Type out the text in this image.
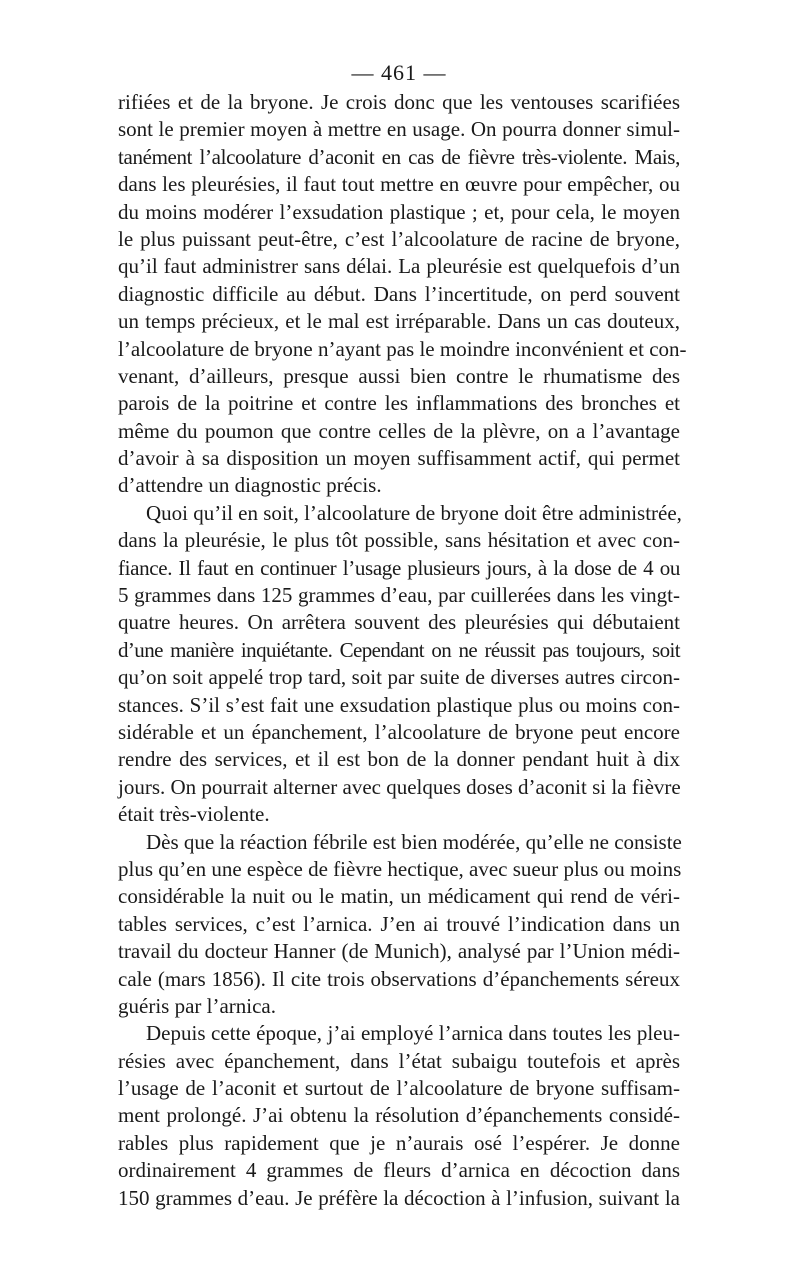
— 461 —
rifiées et de la bryone. Je crois donc que les ventouses scarifiées
sont le premier moyen à mettre en usage. On pourra donner simul-
tanément l’alcoolature d’aconit en cas de fièvre très-violente. Mais,
dans les pleurésies, il faut tout mettre en œuvre pour empêcher, ou
du moins modérer l’exsudation plastique ; et, pour cela, le moyen
le plus puissant peut-être, c’est l’alcoolature de racine de bryone,
qu’il faut administrer sans délai. La pleurésie est quelquefois d’un
diagnostic difficile au début. Dans l’incertitude, on perd souvent
un temps précieux, et le mal est irréparable. Dans un cas douteux,
l’alcoolature de bryone n’ayant pas le moindre inconvénient et con-
venant, d’ailleurs, presque aussi bien contre le rhumatisme des
parois de la poitrine et contre les inflammations des bronches et
même du poumon que contre celles de la plèvre, on a l’avantage
d’avoir à sa disposition un moyen suffisamment actif, qui permet
d’attendre un diagnostic précis.
Quoi qu’il en soit, l’alcoolature de bryone doit être administrée,
dans la pleurésie, le plus tôt possible, sans hésitation et avec con-
fiance. Il faut en continuer l’usage plusieurs jours, à la dose de 4 ou
5 grammes dans 125 grammes d’eau, par cuillerées dans les vingt-
quatre heures. On arrêtera souvent des pleurésies qui débutaient
d’une manière inquiétante. Cependant on ne réussit pas toujours, soit
qu’on soit appelé trop tard, soit par suite de diverses autres circon-
stances. S’il s’est fait une exsudation plastique plus ou moins con-
sidérable et un épanchement, l’alcoolature de bryone peut encore
rendre des services, et il est bon de la donner pendant huit à dix
jours. On pourrait alterner avec quelques doses d’aconit si la fièvre
était très-violente.
Dès que la réaction fébrile est bien modérée, qu’elle ne consiste
plus qu’en une espèce de fièvre hectique, avec sueur plus ou moins
considérable la nuit ou le matin, un médicament qui rend de véri-
tables services, c’est l’arnica. J’en ai trouvé l’indication dans un
travail du docteur Hanner (de Munich), analysé par l’Union médi-
cale (mars 1856). Il cite trois observations d’épanchements séreux
guéris par l’arnica.
Depuis cette époque, j’ai employé l’arnica dans toutes les pleu-
résies avec épanchement, dans l’état subaigu toutefois et après
l’usage de l’aconit et surtout de l’alcoolature de bryone suffisam-
ment prolongé. J’ai obtenu la résolution d’épanchements considé-
rables plus rapidement que je n’aurais osé l’espérer. Je donne
ordinairement 4 grammes de fleurs d’arnica en décoction dans
150 grammes d’eau. Je préfère la décoction à l’infusion, suivant la
